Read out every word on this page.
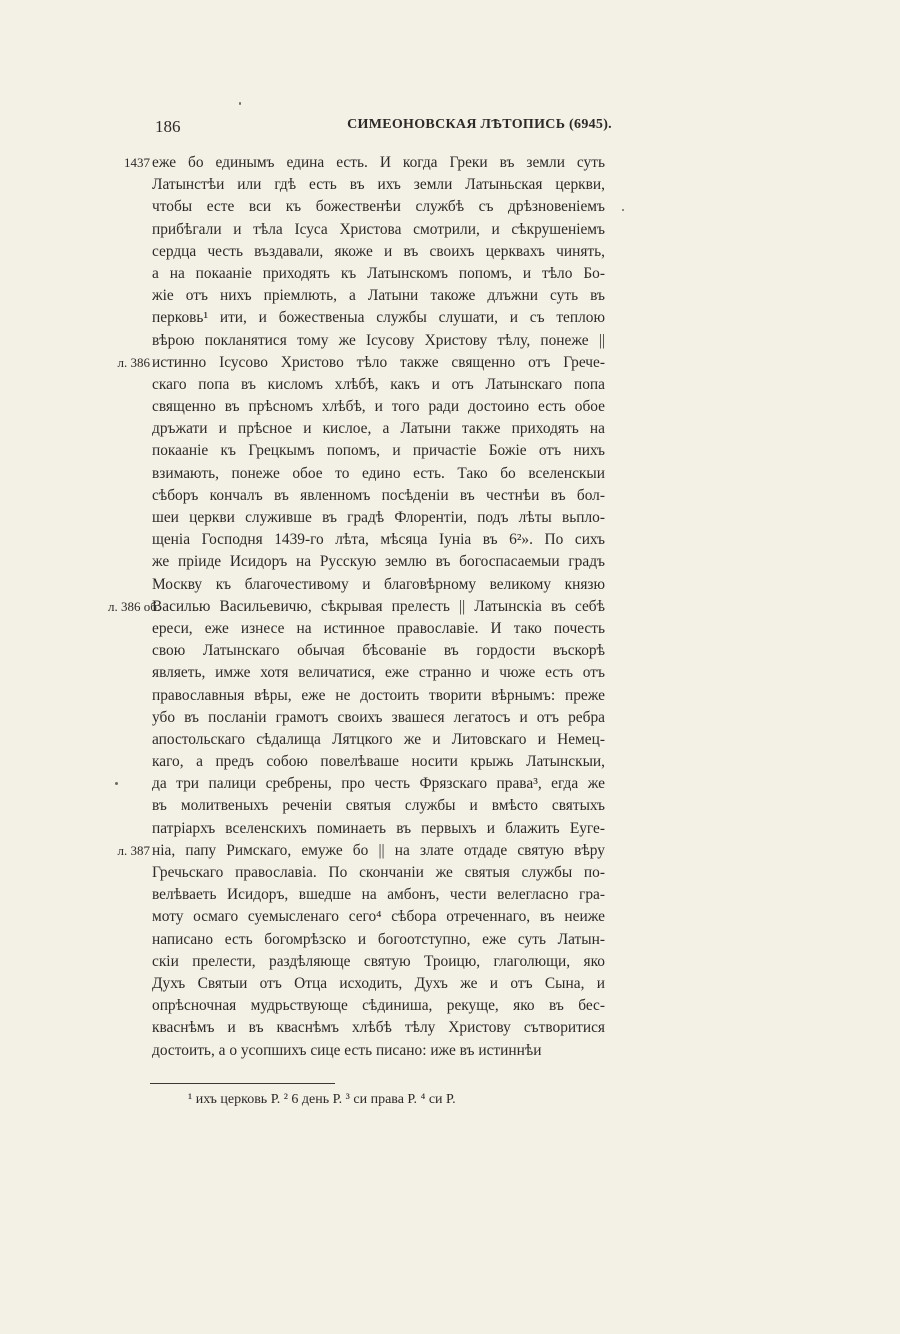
186	СИМЕОНОВСКАЯ ЛѢТОПИСЬ (6945).
1437 еже бо единымъ едина есть. И когда Греки въ земли суть
Латынстѣи или гдѣ есть въ ихъ земли Латыньская церкви,
чтобы есте вси къ божественѣи службѣ съ дрѣзновеніемъ
прибѣгали и тѣла Ісуса Христова смотрили, и сѣкрушеніемъ
сердца честь въздавали, якоже и въ своихъ церквахъ чинять,
а на покааніе приходять къ Латынскомъ попомъ, и тѣло Бо-
жіе отъ нихъ пріемлють, а Латыни такоже длъжни суть въ
перковь¹ ити, и божественыа службы слушати, и съ теплою
вѣрою покланятися тому же Ісусову Христову тѣлу, понеже ||
л. 386 истинно Ісусово Христово тѣло также священно отъ Грече-
скаго попа въ кисломъ хлѣбѣ, какъ и отъ Латынскаго попа
священно въ прѣсномъ хлѣбѣ, и того ради достоино есть обое
дръжати и прѣсное и кислое, а Латыни также приходять на
покааніе къ Грецкымъ попомъ, и причастіе Божіе отъ нихъ
взимають, понеже обое то едино есть. Тако бо вселенскыи
сѣборъ кончалъ въ явленномъ посѣденіи въ честнѣи въ бол-
шеи церкви служивше въ градѣ Флорентіи, подъ лѣты вьпло-
щеніа Господня 1439-го лѣта, мѣсяца Іуніа въ 6²». По сихъ
же пріиде Исидоръ на Русскую землю въ богоспасаемыи градъ
Москву къ благочестивому и благовѣрному великому князю
л. 386 об.
Василью Васильевичю, сѣкрывая прелесть || Латынскіа въ себѣ
ереси, еже изнесе на истинное православіе. И тако почесть
свою Латынскаго обычая бѣсованіе въ гордости въскорѣ
являеть, имже хотя величатися, еже странно и чюже есть отъ
православныя вѣры, еже не достоить творити вѣрнымъ: преже
убо въ посланіи грамотъ своихъ звашеся легатосъ и отъ ребра
апостольскаго сѣдалища Лятцкого же и Литовскаго и Немец-
каго, а предъ собою повелѣваше носити крыжь Латынскыи,
да три палици сребрены, про честь Фрязскаго права³, егда же
въ молитвеныхъ реченіи святыя службы и вмѣсто святыхъ
патріархъ вселенскихъ поминаеть въ первыхъ и блажить Еуге-
л. 387 ніа, папу Римскаго, емуже бо || на злате отдаде святую вѣру
Гречьскаго православіа. По скончаніи же святыя службы по-
велѣваеть Исидоръ, вшедше на амбонъ, чести велегласно гра-
моту осмаго суемысленаго сего⁴ сѣбора отреченнаго, въ неиже
написано есть богомрѣзско и богоотступно, еже суть Латын-
скіи прелести, раздѣляюще святую Троицю, глаголющи, яко
Духъ Святыи отъ Отца исходить, Духъ же и отъ Сына, и
опрѣсночная мудрьствующе сѣдиниша, рекуще, яко въ бес-
кваснѣмъ и въ кваснѣмъ хлѣбѣ тѣлу Христову сътворитися
достоить, а о усопшихъ сице есть писано: иже въ истиннѣи
¹ ихъ церковь Р. ² 6 день Р. ³ си права Р. ⁴ си Р.
